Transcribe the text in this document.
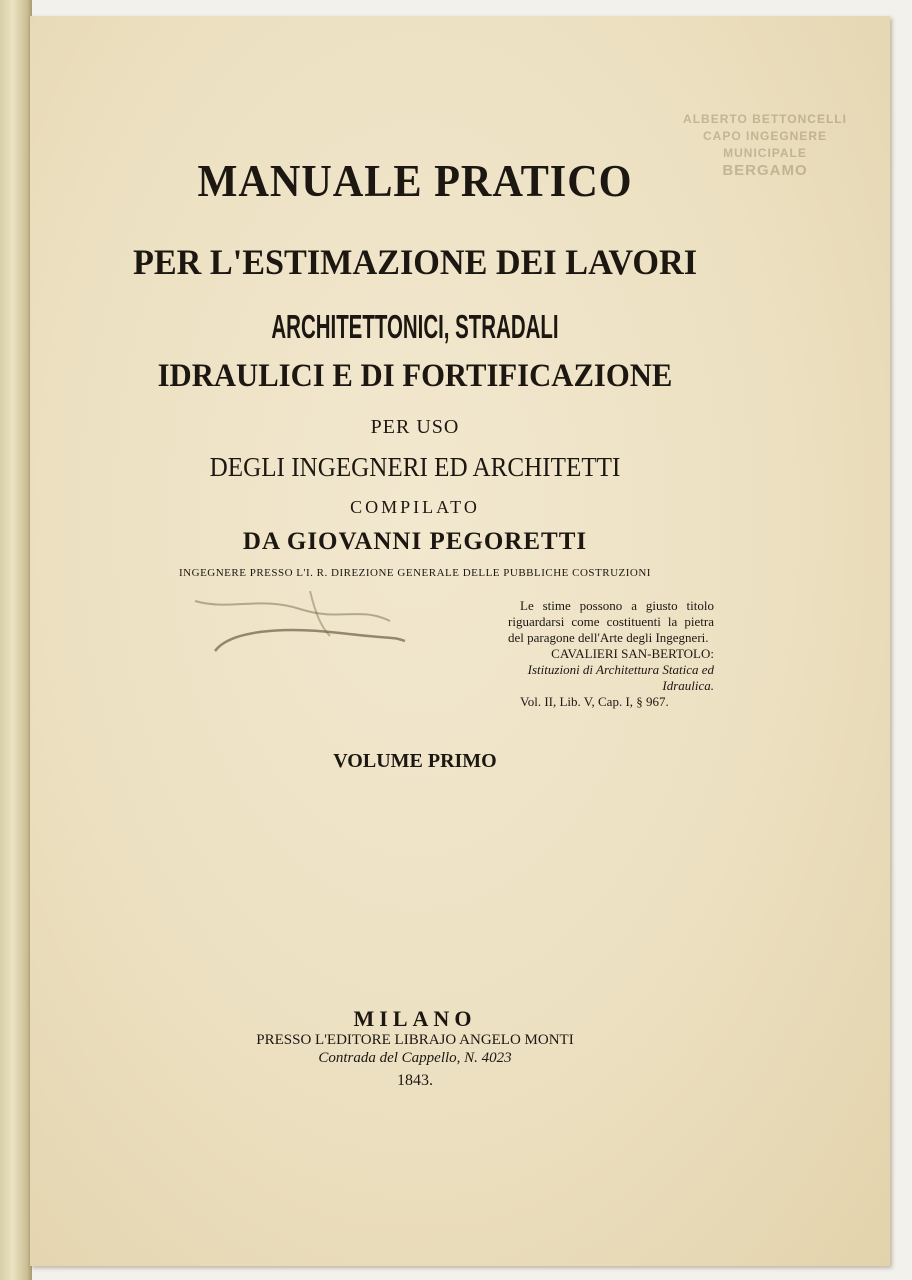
ALBERTO BETTONCELLI
CAPO INGEGNERE
MUNICIPALE
BERGAMO
MANUALE PRATICO
PER L'ESTIMAZIONE DEI LAVORI
ARCHITETTONICI, STRADALI
IDRAULICI E DI FORTIFICAZIONE
PER USO
DEGLI INGEGNERI ED ARCHITETTI
COMPILATO
DA GIOVANNI PEGORETTI
INGEGNERE PRESSO L'I. R. DIREZIONE GENERALE DELLE PUBBLICHE COSTRUZIONI

Le stime possono a giusto titolo riguardarsi come costituenti la pietra del paragone dell'Arte degli Ingegneri.

CAVALIERI SAN-BERTOLO: Istituzioni di Architettura Statica ed Idraulica.

Vol. II, Lib. V, Cap. I, § 967.

VOLUME PRIMO
MILANO
PRESSO L'EDITORE LIBRAJO ANGELO MONTI
Contrada del Cappello, N. 4023
1843.
